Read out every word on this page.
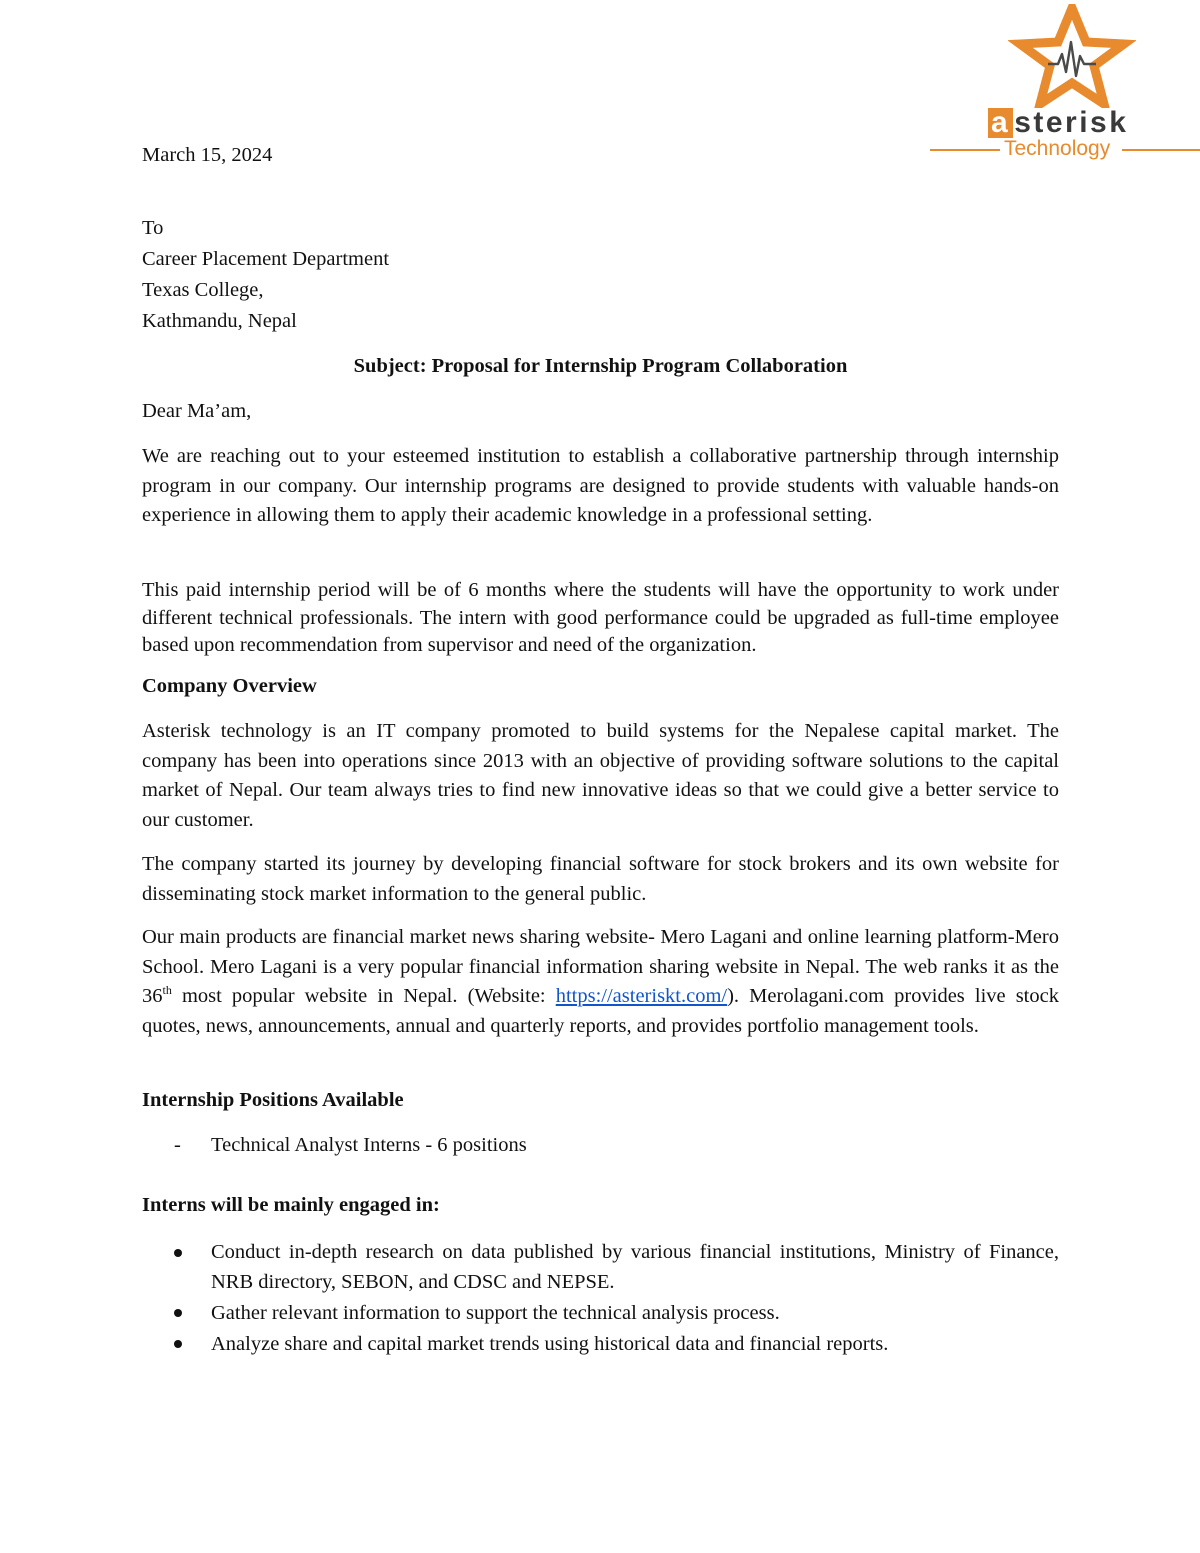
a sterisk
Technology
March 15, 2024
To
Career Placement Department
Texas College,
Kathmandu, Nepal
Subject: Proposal for Internship Program Collaboration
Dear Ma’am,
We are reaching out to your esteemed institution to establish a collaborative partnership through internship program in our company. Our internship programs are designed to provide students with valuable hands-on experience in allowing them to apply their academic knowledge in a professional setting.
This paid internship period will be of 6 months where the students will have the opportunity to work under different technical professionals. The intern with good performance could be upgraded as full-time employee based upon recommendation from supervisor and need of the organization.
Company Overview
Asterisk technology is an IT company promoted to build systems for the Nepalese capital market. The company has been into operations since 2013 with an objective of providing software solutions to the capital market of Nepal. Our team always tries to find new innovative ideas so that we could give a better service to our customer.
The company started its journey by developing financial software for stock brokers and its own website for disseminating stock market information to the general public.
Our main products are financial market news sharing website- Mero Lagani and online learning platform-Mero School. Mero Lagani is a very popular financial information sharing website in Nepal. The web ranks it as the 36th most popular website in Nepal. (Website: https://asteriskt.com/). Merolagani.com provides live stock quotes, news, announcements, annual and quarterly reports, and provides portfolio management tools.
Internship Positions Available
- Technical Analyst Interns - 6 positions
Interns will be mainly engaged in:
Conduct in-depth research on data published by various financial institutions, Ministry of Finance, NRB directory, SEBON, and CDSC and NEPSE.
Gather relevant information to support the technical analysis process.
Analyze share and capital market trends using historical data and financial reports.
